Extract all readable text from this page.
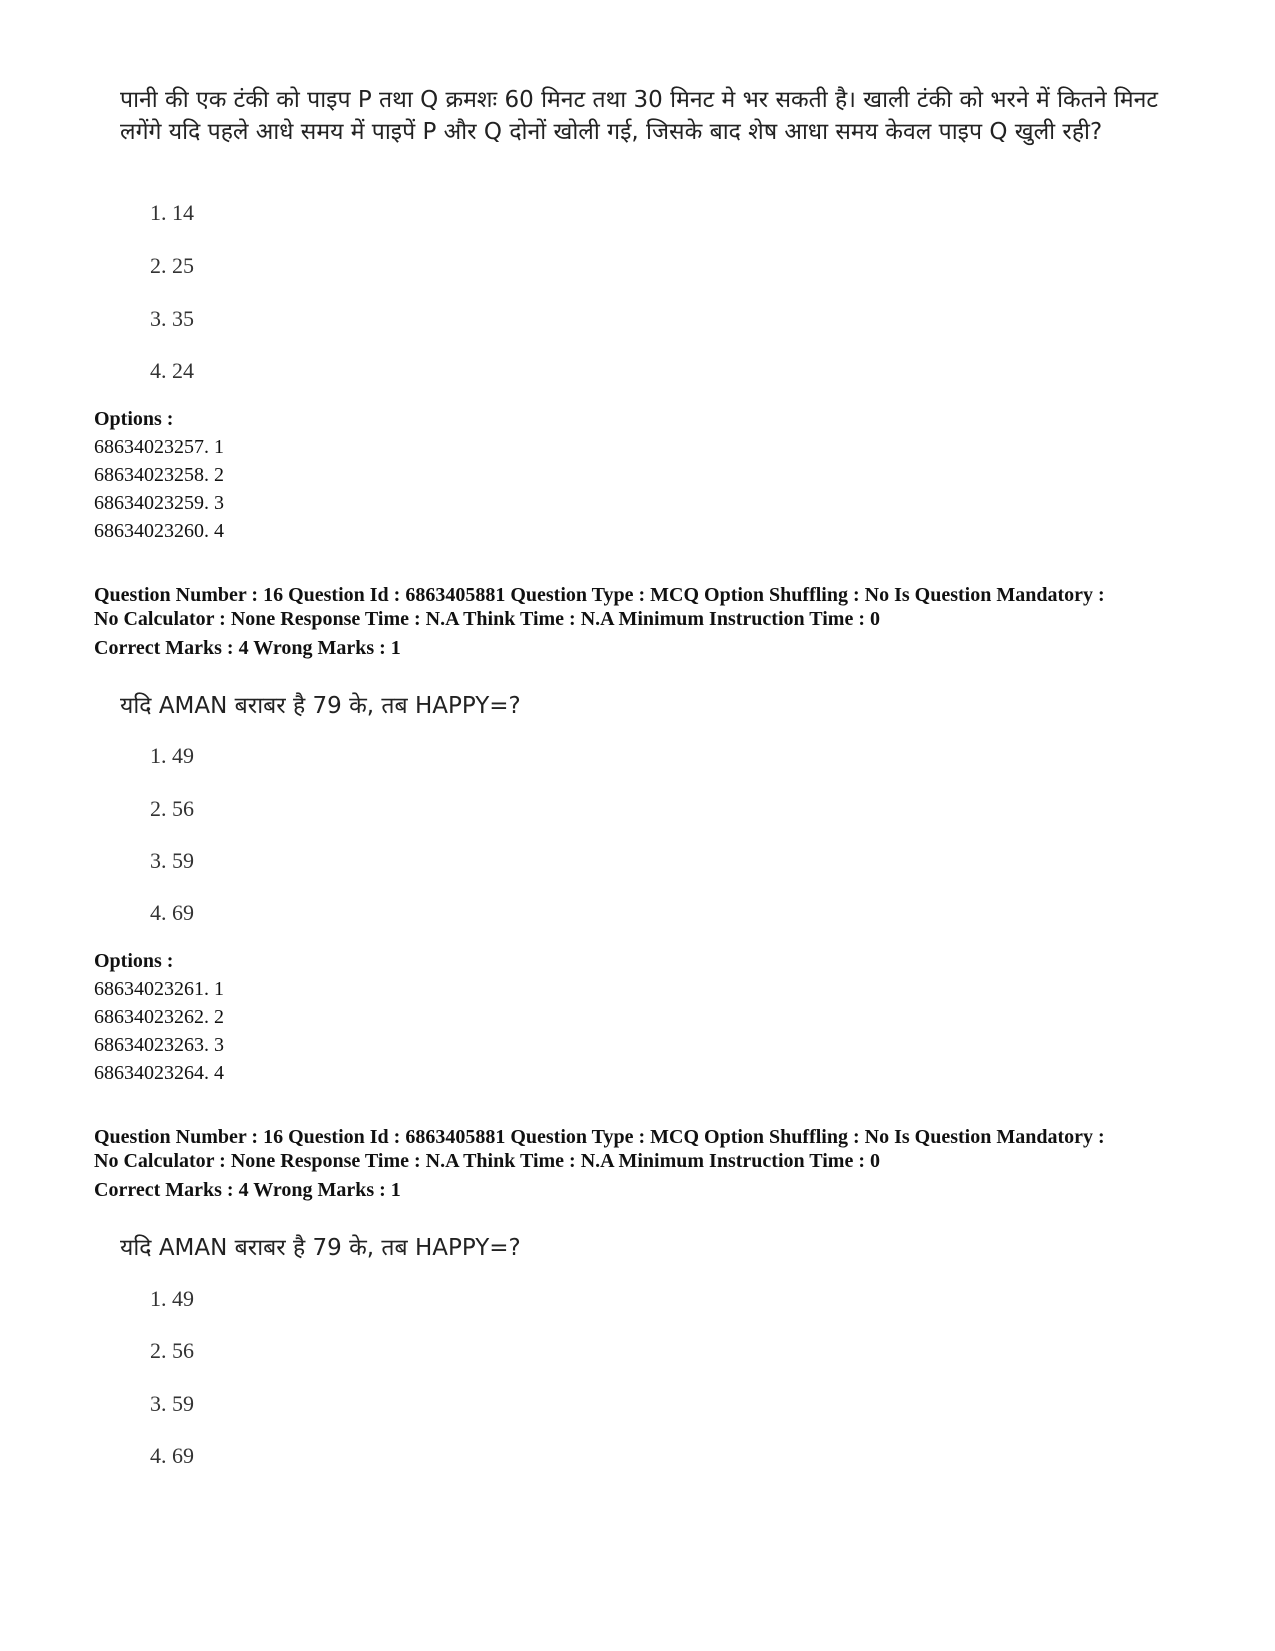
पानी की एक टंकी को पाइप P तथा Q क्रमशः 60 मिनट तथा 30 मिनट मे भर सकती है। खाली टंकी को भरने में कितने मिनट लगेंगे यदि पहले आधे समय में पाइपें P और Q दोनों खोली गई, जिसके बाद शेष आधा समय केवल पाइप Q खुली रही?
1. 14
2. 25
3. 35
4. 24
Options :
68634023257. 1
68634023258. 2
68634023259. 3
68634023260. 4
Question Number : 16 Question Id : 6863405881 Question Type : MCQ Option Shuffling : No Is Question Mandatory :
No Calculator : None Response Time : N.A Think Time : N.A Minimum Instruction Time : 0
Correct Marks : 4 Wrong Marks : 1
यदि AMAN बराबर है 79 के, तब HAPPY=?
1. 49
2. 56
3. 59
4. 69
Options :
68634023261. 1
68634023262. 2
68634023263. 3
68634023264. 4
Question Number : 16 Question Id : 6863405881 Question Type : MCQ Option Shuffling : No Is Question Mandatory :
No Calculator : None Response Time : N.A Think Time : N.A Minimum Instruction Time : 0
Correct Marks : 4 Wrong Marks : 1
यदि AMAN बराबर है 79 के, तब HAPPY=?
1. 49
2. 56
3. 59
4. 69
